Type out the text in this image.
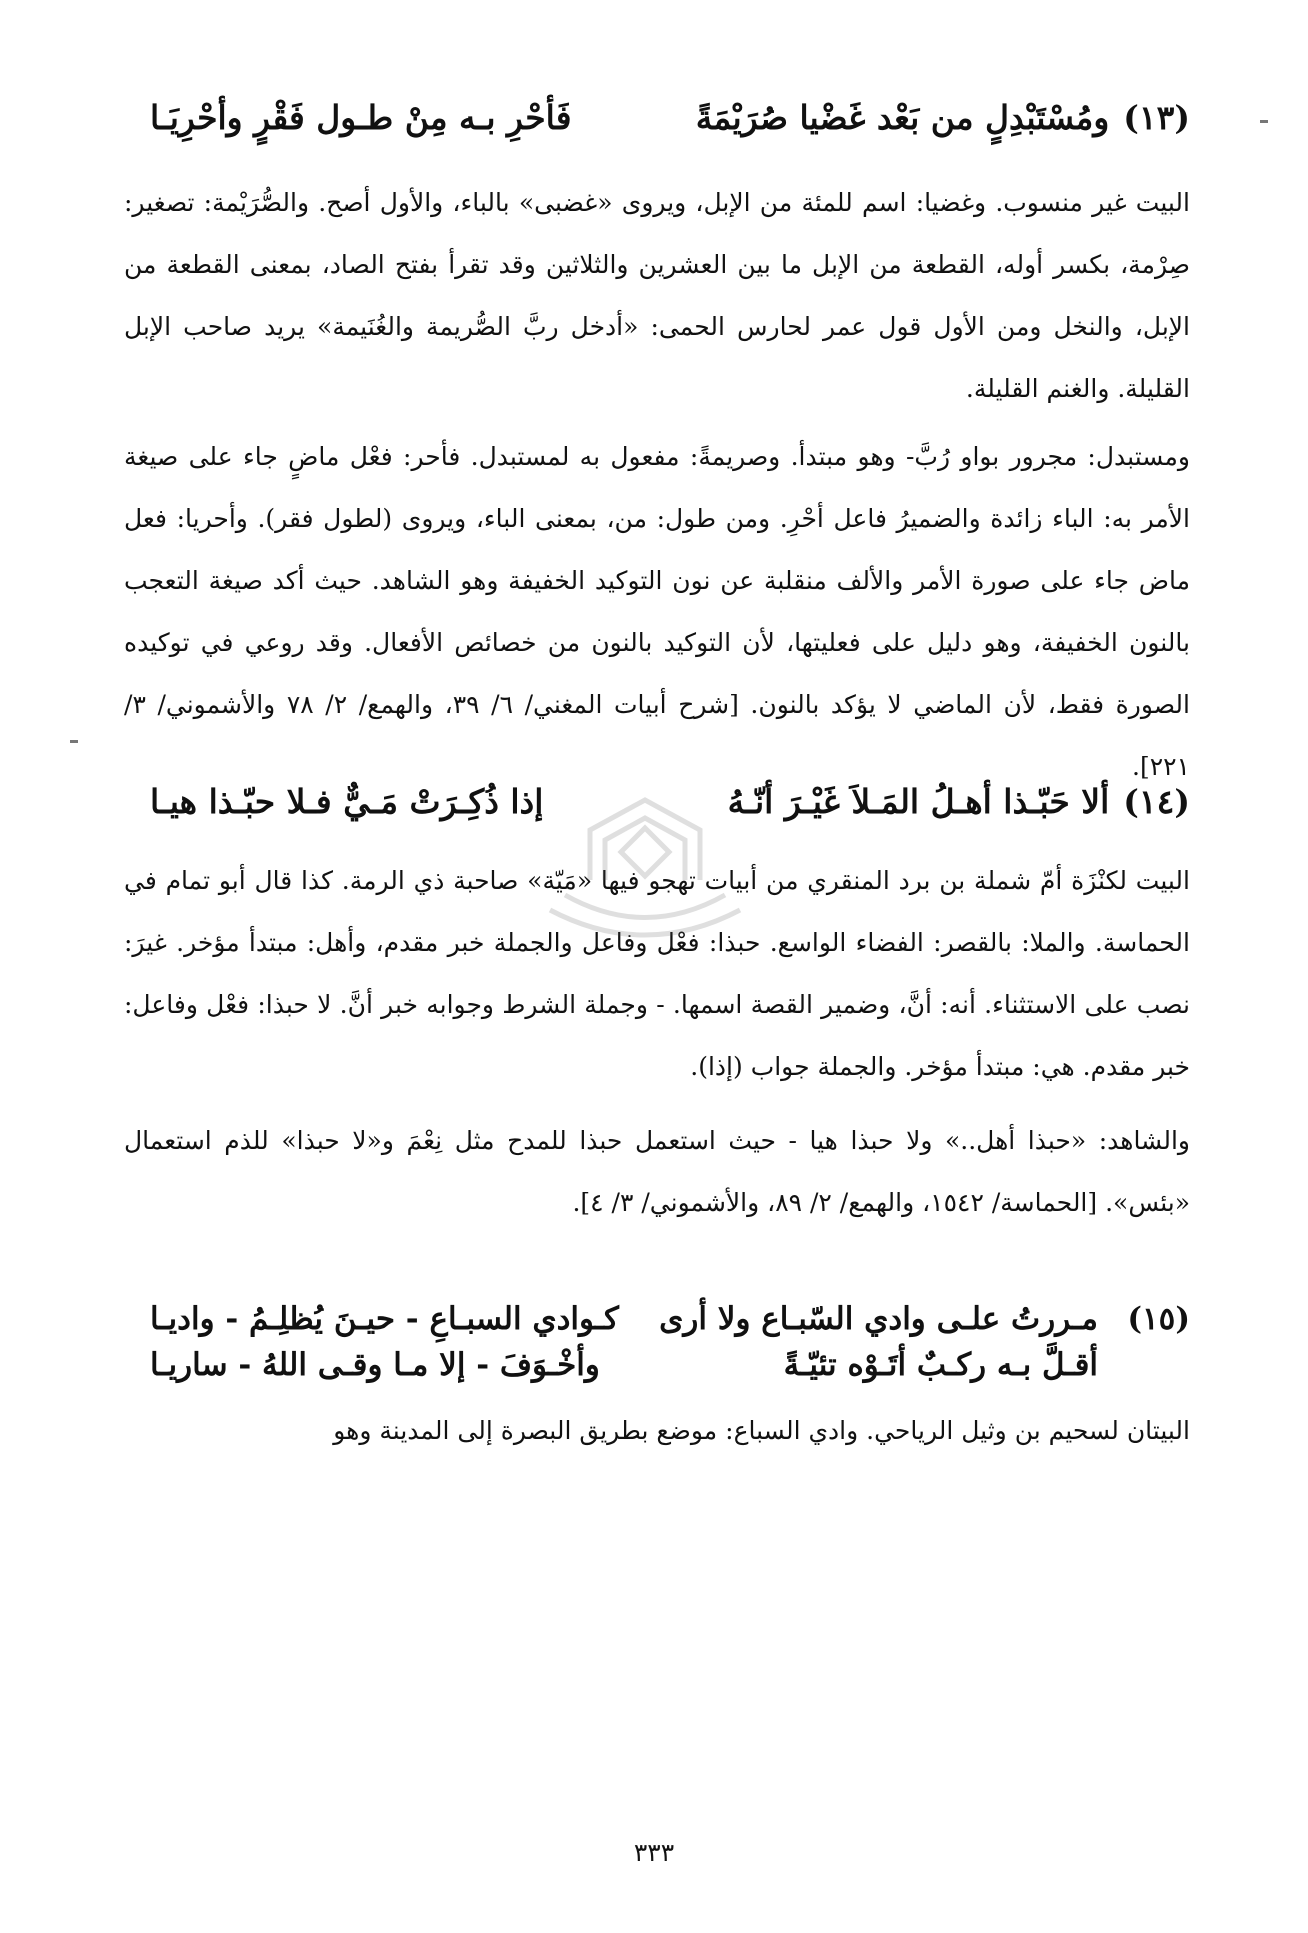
(١٣)
ومُسْتَبْدِلٍ من بَعْد غَضْيا صُرَيْمَةً
فَأحْرِ بـه مِنْ طـول فَقْرٍ وأحْرِيَـا

البيت غير منسوب. وغضيا: اسم للمئة من الإبل، ويروى «غضبى» بالباء، والأول أصح. والصُّرَيْمة: تصغير: صِرْمة، بكسر أوله، القطعة من الإبل ما بين العشرين والثلاثين وقد تقرأ بفتح الصاد، بمعنى القطعة من الإبل، والنخل ومن الأول قول عمر لحارس الحمى: «أدخل ربَّ الصُّريمة والغُنَيمة» يريد صاحب الإبل القليلة. والغنم القليلة.

ومستبدل: مجرور بواو رُبَّ- وهو مبتدأ. وصريمةً: مفعول به لمستبدل. فأحر: فعْل ماضٍ جاء على صيغة الأمر به: الباء زائدة والضميرُ فاعل أحْرِ. ومن طول: من، بمعنى الباء، ويروى (لطول فقر). وأحريا: فعل ماض جاء على صورة الأمر والألف منقلبة عن نون التوكيد الخفيفة وهو الشاهد. حيث أكد صيغة التعجب بالنون الخفيفة، وهو دليل على فعليتها، لأن التوكيد بالنون من خصائص الأفعال. وقد روعي في توكيده الصورة فقط، لأن الماضي لا يؤكد بالنون. [شرح أبيات المغني/ ٦/ ٣٩، والهمع/ ٢/ ٧٨ والأشموني/ ٣/ ٢٢١].

(١٤)
ألا حَبّـذا أهـلُ المَـلاَ غَيْـرَ أنّـهُ
إذا ذُكِـرَتْ مَـيٌّ فـلا حبّـذا هيـا

البيت لكنْزَة أمّ شملة بن برد المنقري من أبيات تهجو فيها «مَيّة» صاحبة ذي الرمة. كذا قال أبو تمام في الحماسة. والملا: بالقصر: الفضاء الواسع. حبذا: فعْل وفاعل والجملة خبر مقدم، وأهل: مبتدأ مؤخر. غيرَ: نصب على الاستثناء. أنه: أنَّ، وضمير القصة اسمها. - وجملة الشرط وجوابه خبر أنَّ. لا حبذا: فعْل وفاعل: خبر مقدم. هي: مبتدأ مؤخر. والجملة جواب (إذا).

والشاهد: «حبذا أهل..» ولا حبذا هيا - حيث استعمل حبذا للمدح مثل نِعْمَ و«لا حبذا» للذم استعمال «بئس». [الحماسة/ ١٥٤٢، والهمع/ ٢/ ٨٩، والأشموني/ ٣/ ٤].

(١٥)
مـررتُ علـى وادي السّبـاع ولا أرى
كـوادي السبـاعِ - حيـنَ يُظلِـمُ - واديـا
أقـلَّ بـه ركـبٌ أتَـوْه تئيّـةً
وأخْـوَفَ - إلا مـا وقـى اللهُ - ساريـا

البيتان لسحيم بن وثيل الرياحي. وادي السباع: موضع بطريق البصرة إلى المدينة وهو

٣٣٣
